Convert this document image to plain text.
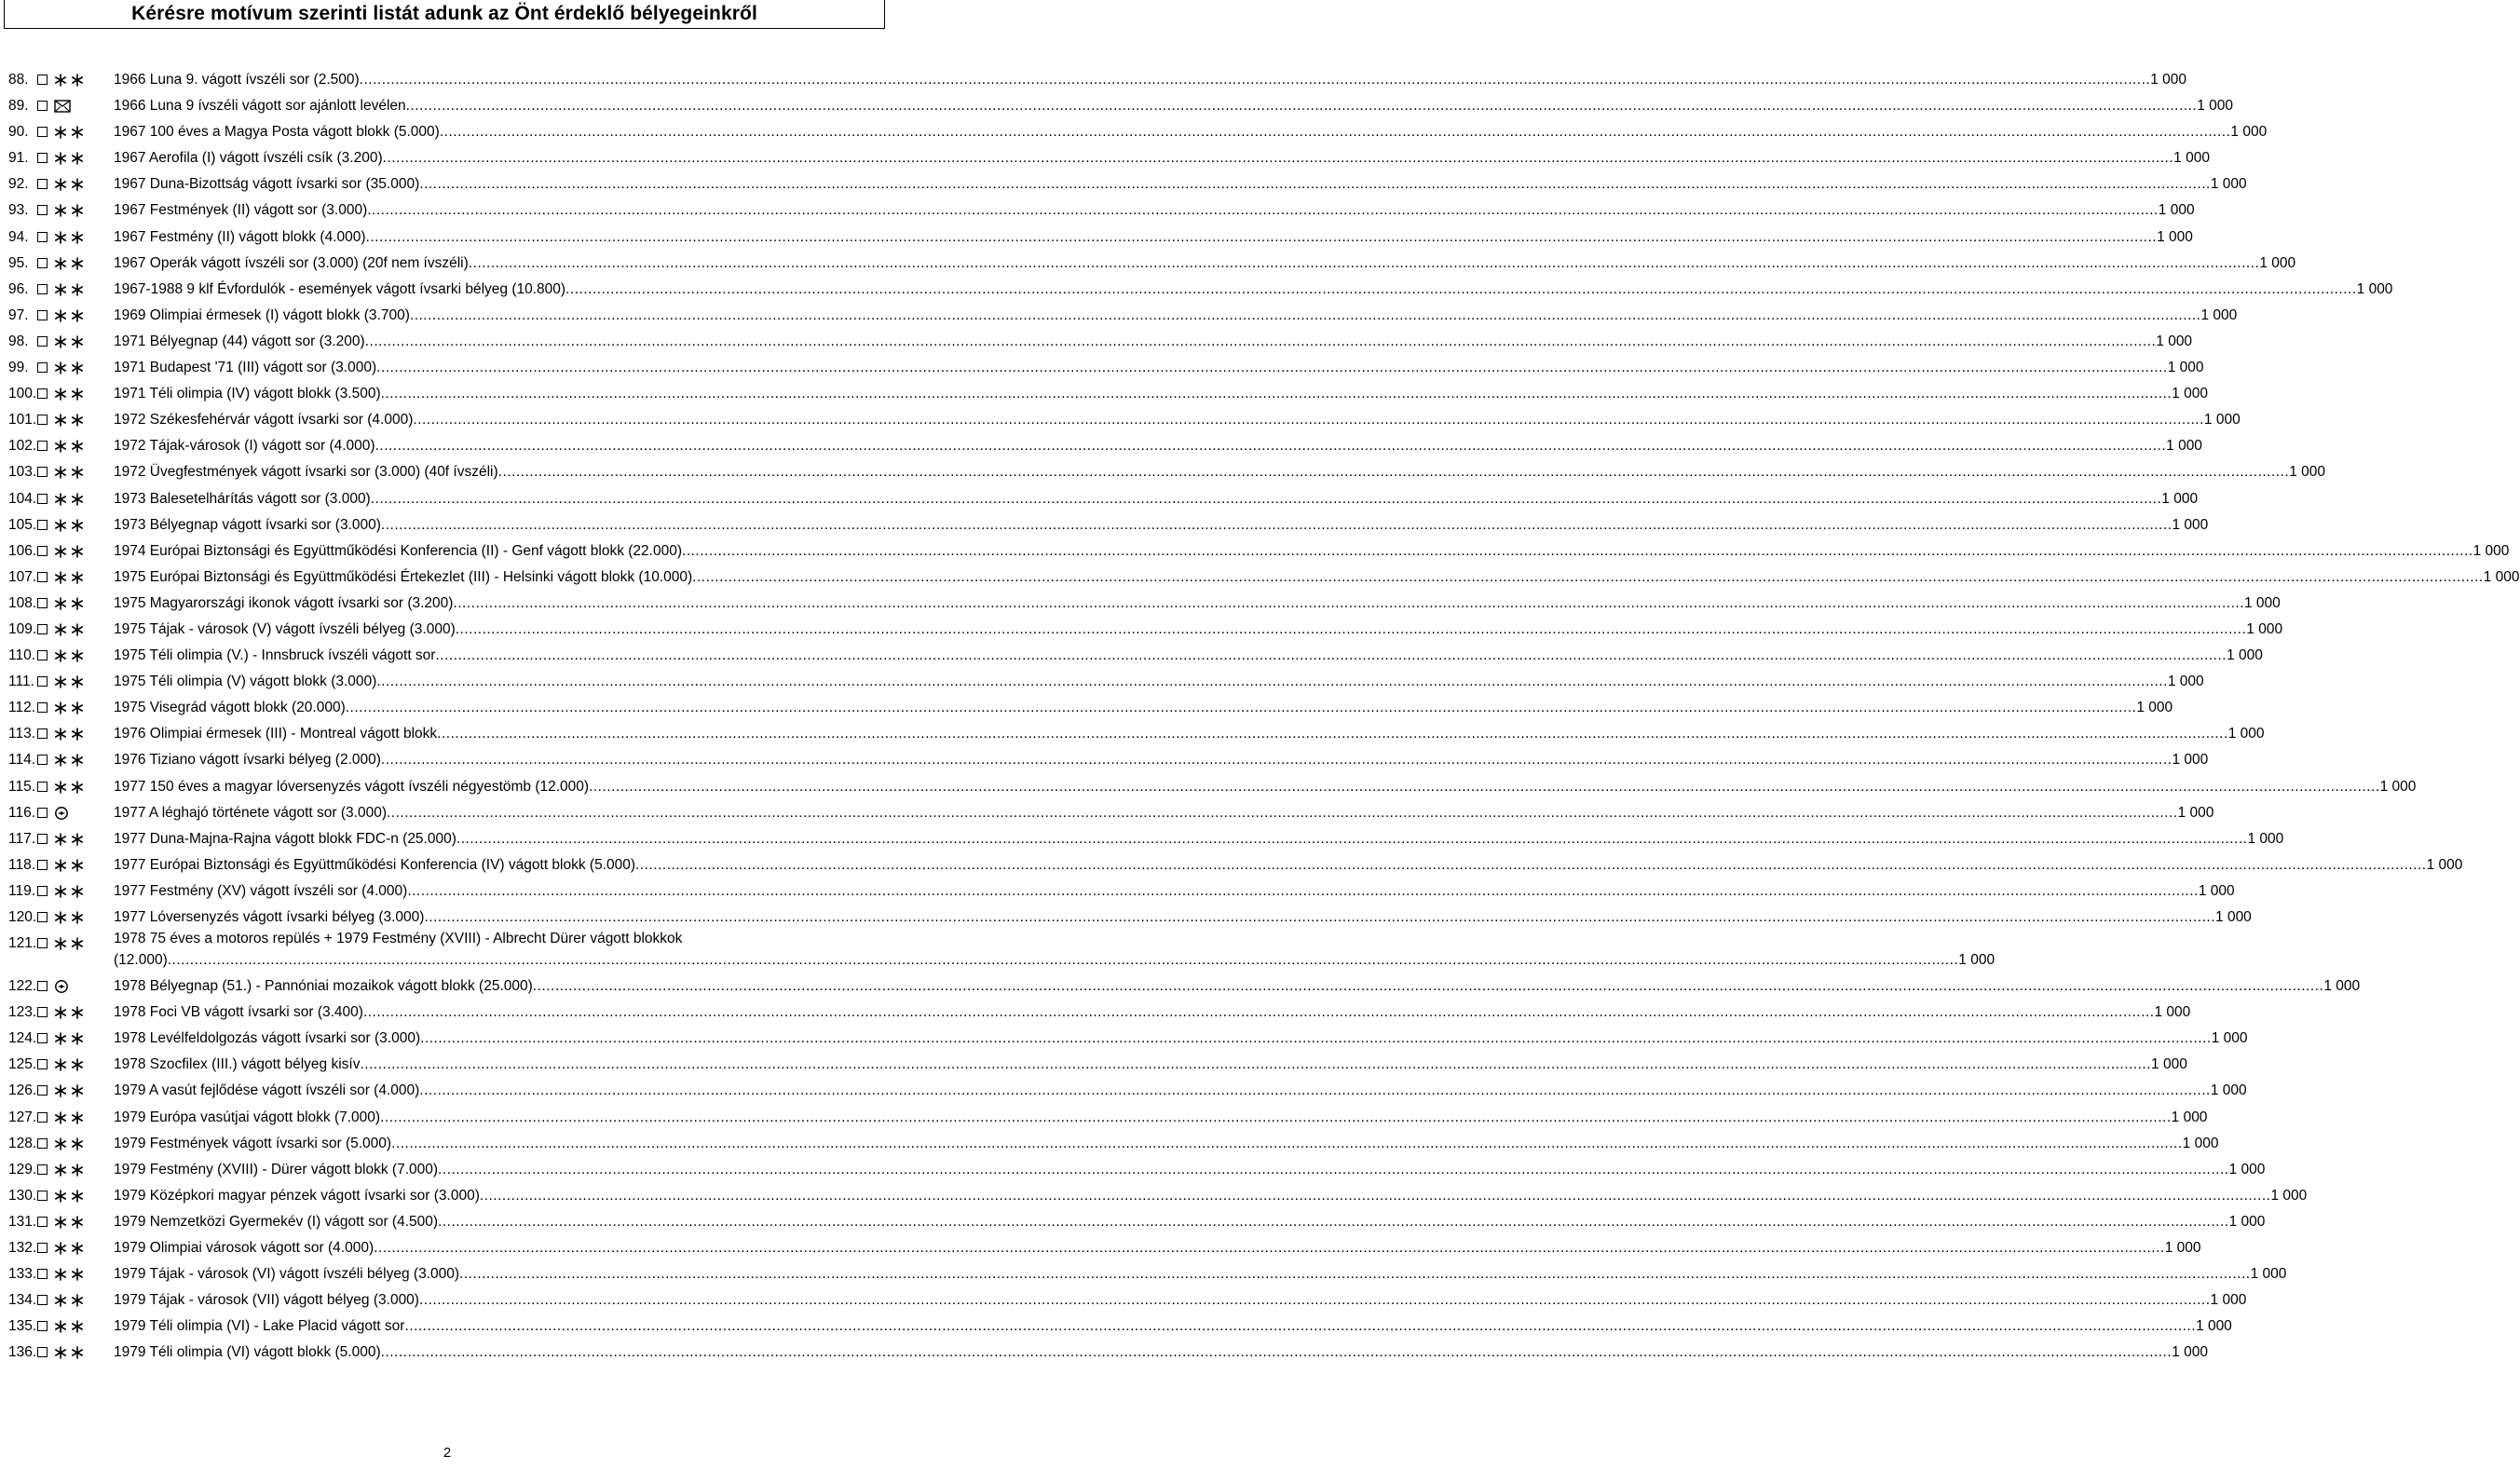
Kérésre motívum szerinti listát adunk az Önt érdeklő bélyegeinkről
88.	1966 Luna 9. vágott ívszéli sor (2.500) ................................................................................................................................................................................................................................................................................................................................................................................................................ 1 000
89.	1966 Luna 9 ívszéli vágott sor ajánlott levélen ................................................................................................................................................................................................................................................................................................................................................................................................................ 1 000
90.	1967 100 éves a Magya Posta vágott blokk (5.000) ................................................................................................................................................................................................................................................................................................................................................................................................................ 1 000
91.	1967 Aerofila (I) vágott ívszéli csík (3.200) ................................................................................................................................................................................................................................................................................................................................................................................................................ 1 000
92.	1967 Duna-Bizottság vágott ívsarki sor (35.000) ................................................................................................................................................................................................................................................................................................................................................................................................................ 1 000
93.	1967 Festmények (II) vágott sor (3.000) ................................................................................................................................................................................................................................................................................................................................................................................................................ 1 000
94.	1967 Festmény (II) vágott blokk (4.000) ................................................................................................................................................................................................................................................................................................................................................................................................................ 1 000
95.	1967 Operák vágott ívszéli sor (3.000) (20f nem ívszéli) ................................................................................................................................................................................................................................................................................................................................................................................................................ 1 000
96.	1967-1988 9 klf Évfordulók - események vágott ívsarki bélyeg (10.800) ................................................................................................................................................................................................................................................................................................................................................................................................................ 1 000
97.	1969 Olimpiai érmesek (I) vágott blokk (3.700) ................................................................................................................................................................................................................................................................................................................................................................................................................ 1 000
98.	1971 Bélyegnap (44) vágott sor (3.200) ................................................................................................................................................................................................................................................................................................................................................................................................................ 1 000
99.	1971 Budapest '71 (III) vágott sor (3.000) ................................................................................................................................................................................................................................................................................................................................................................................................................ 1 000
100.	1971 Téli olimpia (IV) vágott blokk (3.500) ................................................................................................................................................................................................................................................................................................................................................................................................................ 1 000
101.	1972 Székesfehérvár vágott ívsarki sor (4.000) ................................................................................................................................................................................................................................................................................................................................................................................................................ 1 000
102.	1972 Tájak-városok (I) vágott sor (4.000) ................................................................................................................................................................................................................................................................................................................................................................................................................ 1 000
103.	1972 Üvegfestmények vágott ívsarki sor (3.000) (40f ívszéli) ................................................................................................................................................................................................................................................................................................................................................................................................................ 1 000
104.	1973 Balesetelhárítás vágott sor (3.000) ................................................................................................................................................................................................................................................................................................................................................................................................................ 1 000
105.	1973 Bélyegnap vágott ívsarki sor (3.000) ................................................................................................................................................................................................................................................................................................................................................................................................................ 1 000
106.	1974 Európai Biztonsági és Együttműködési Konferencia (II) - Genf vágott blokk (22.000) ................................................................................................................................................................................................................................................................................................................................................................................................................ 1 000
107.	1975 Európai Biztonsági és Együttműködési Értekezlet (III) - Helsinki vágott blokk (10.000) ................................................................................................................................................................................................................................................................................................................................................................................................................ 1 000
108.	1975 Magyarországi ikonok vágott ívsarki sor (3.200) ................................................................................................................................................................................................................................................................................................................................................................................................................ 1 000
109.	1975 Tájak - városok (V) vágott ívszéli bélyeg (3.000) ................................................................................................................................................................................................................................................................................................................................................................................................................ 1 000
110.	1975 Téli olimpia (V.) - Innsbruck ívszéli vágott sor ................................................................................................................................................................................................................................................................................................................................................................................................................ 1 000
111.	1975 Téli olimpia (V) vágott blokk (3.000) ................................................................................................................................................................................................................................................................................................................................................................................................................ 1 000
112.	1975 Visegrád vágott blokk (20.000) ................................................................................................................................................................................................................................................................................................................................................................................................................ 1 000
113.	1976 Olimpiai érmesek (III) - Montreal vágott blokk ................................................................................................................................................................................................................................................................................................................................................................................................................ 1 000
114.	1976 Tiziano vágott ívsarki bélyeg (2.000) ................................................................................................................................................................................................................................................................................................................................................................................................................ 1 000
115.	1977 150 éves a magyar lóversenyzés vágott ívszéli négyestömb (12.000) ................................................................................................................................................................................................................................................................................................................................................................................................................ 1 000
116.	1977 A léghajó története vágott sor (3.000) ................................................................................................................................................................................................................................................................................................................................................................................................................ 1 000
117.	1977 Duna-Majna-Rajna vágott blokk FDC-n (25.000) ................................................................................................................................................................................................................................................................................................................................................................................................................ 1 000
118.	1977 Európai Biztonsági és Együttműködési Konferencia (IV) vágott blokk (5.000) ................................................................................................................................................................................................................................................................................................................................................................................................................ 1 000
119.	1977 Festmény (XV) vágott ívszéli sor (4.000) ................................................................................................................................................................................................................................................................................................................................................................................................................ 1 000
120.	1977 Lóversenyzés vágott ívsarki bélyeg (3.000) ................................................................................................................................................................................................................................................................................................................................................................................................................ 1 000
121.	1978 75 éves a motoros repülés + 1979 Festmény (XVIII) - Albrecht Dürer vágott blokkok
(12.000) ................................................................................................................................................................................................................................................................................................................................................................................................................ 1 000
122.	1978 Bélyegnap (51.) - Pannóniai mozaikok vágott blokk (25.000) ................................................................................................................................................................................................................................................................................................................................................................................................................ 1 000
123.	1978 Foci VB vágott ívsarki sor (3.400) ................................................................................................................................................................................................................................................................................................................................................................................................................ 1 000
124.	1978 Levélfeldolgozás vágott ívsarki sor (3.000) ................................................................................................................................................................................................................................................................................................................................................................................................................ 1 000
125.	1978 Szocfilex (III.) vágott bélyeg kisív ................................................................................................................................................................................................................................................................................................................................................................................................................ 1 000
126.	1979 A vasút fejlődése vágott ívszéli sor (4.000) ................................................................................................................................................................................................................................................................................................................................................................................................................ 1 000
127.	1979 Európa vasútjai vágott blokk (7.000) ................................................................................................................................................................................................................................................................................................................................................................................................................ 1 000
128.	1979 Festmények vágott ívsarki sor (5.000) ................................................................................................................................................................................................................................................................................................................................................................................................................ 1 000
129.	1979 Festmény (XVIII) - Dürer vágott blokk (7.000) ................................................................................................................................................................................................................................................................................................................................................................................................................ 1 000
130.	1979 Középkori magyar pénzek vágott ívsarki sor (3.000) ................................................................................................................................................................................................................................................................................................................................................................................................................ 1 000
131.	1979 Nemzetközi Gyermekév (I) vágott sor (4.500) ................................................................................................................................................................................................................................................................................................................................................................................................................ 1 000
132.	1979 Olimpiai városok vágott sor (4.000) ................................................................................................................................................................................................................................................................................................................................................................................................................ 1 000
133.	1979 Tájak - városok (VI) vágott ívszéli bélyeg (3.000) ................................................................................................................................................................................................................................................................................................................................................................................................................ 1 000
134.	1979 Tájak - városok (VII) vágott bélyeg (3.000) ................................................................................................................................................................................................................................................................................................................................................................................................................ 1 000
135.	1979 Téli olimpia (VI) - Lake Placid vágott sor ................................................................................................................................................................................................................................................................................................................................................................................................................ 1 000
136.	1979 Téli olimpia (VI) vágott blokk (5.000) ................................................................................................................................................................................................................................................................................................................................................................................................................ 1 000
2
